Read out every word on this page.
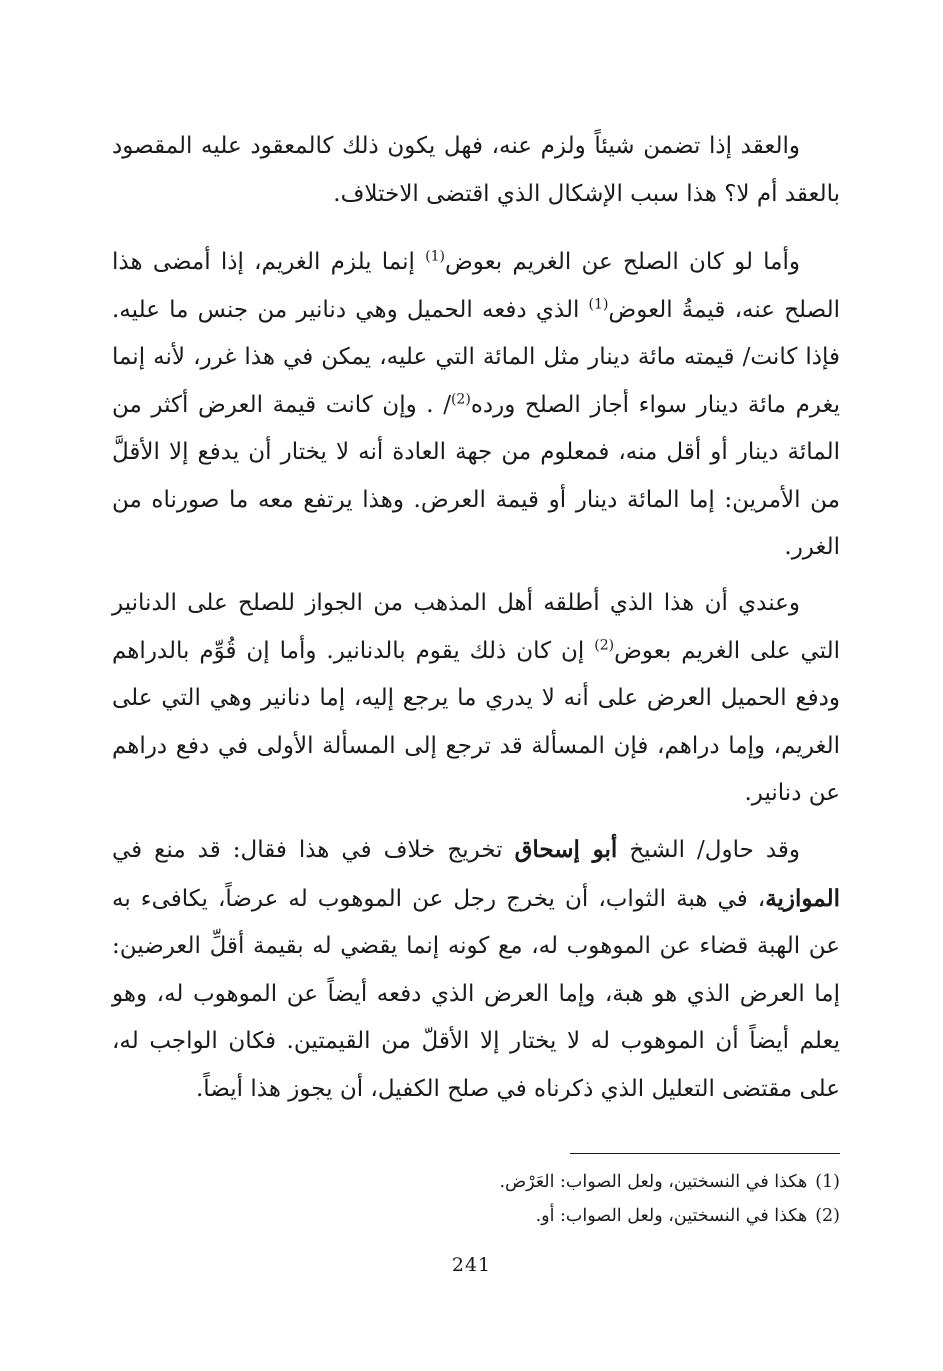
والعقد إذا تضمن شيئاً ولزم عنه، فهل يكون ذلك كالمعقود عليه المقصود بالعقد أم لا؟ هذا سبب الإشكال الذي اقتضى الاختلاف.

وأما لو كان الصلح عن الغريم بعوض$^{(1)}$ إنما يلزم الغريم، إذا أمضى هذا الصلح عنه، قيمةُ العوض$^{(1)}$ الذي دفعه الحميل وهي دنانير من جنس ما عليه. فإذا كانت/ قيمته مائة دينار مثل المائة التي عليه، يمكن في هذا غرر، لأنه إنما يغرم مائة دينار سواء أجاز الصلح ورده$^{(2)}$/ . وإن كانت قيمة العرض أكثر من المائة دينار أو أقل منه، فمعلوم من جهة العادة أنه لا يختار أن يدفع إلا الأقلَّ من الأمرين: إما المائة دينار أو قيمة العرض. وهذا يرتفع معه ما صورناه من الغرر.

وعندي أن هذا الذي أطلقه أهل المذهب من الجواز للصلح على الدنانير التي على الغريم بعوض$^{(2)}$ إن كان ذلك يقوم بالدنانير. وأما إن قُوِّم بالدراهم ودفع الحميل العرض على أنه لا يدري ما يرجع إليه، إما دنانير وهي التي على الغريم، وإما دراهم، فإن المسألة قد ترجع إلى المسألة الأولى في دفع دراهم عن دنانير.

وقد حاول/ الشيخ أبو إسحاق تخريج خلاف في هذا فقال: قد منع في الموازية، في هبة الثواب، أن يخرج رجل عن الموهوب له عرضاً، يكافىء به عن الهبة قضاء عن الموهوب له، مع كونه إنما يقضي له بقيمة أقلِّ العرضين: إما العرض الذي هو هبة، وإما العرض الذي دفعه أيضاً عن الموهوب له، وهو يعلم أيضاً أن الموهوب له لا يختار إلا الأقلّ من القيمتين. فكان الواجب له، على مقتضى التعليل الذي ذكرناه في صلح الكفيل، أن يجوز هذا أيضاً.

(1)هكذا في النسختين، ولعل الصواب: العَرْض.
(2)هكذا في النسختين، ولعل الصواب: أو.
241
